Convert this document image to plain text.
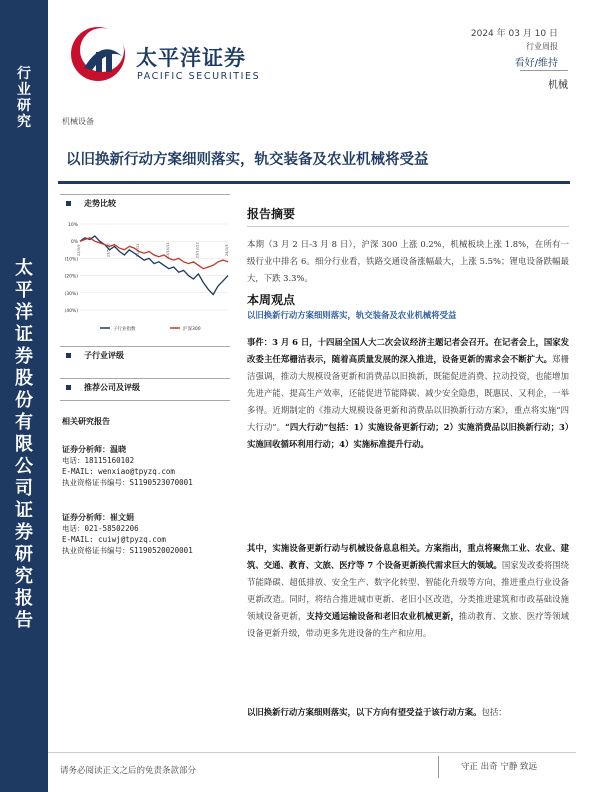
行
业
研
究
太
平
洋
证
券
股
份
有
限
公
司
证
券
研
究
报
告
太平洋证券
PACIFIC SECURITIES
2024 年 03 月 10 日
行业周报
看好/维持
机械
机械设备
以旧换新行动方案细则落实，轨交装备及农业机械将受益
走势比较
10%
0%
(10%)
(20%)
(30%)
(40%)
23/3/9	23/5/20	23/7/31	23/10/11	23/12/22	24/3/3
子行业指数	沪深300
子行业评级
推荐公司及评级
相关研究报告
证券分析师：温晓
电话：18115160102
E-MAIL: wenxiao@tpyzq.com
执业资格证书编号：S1190523070001
证券分析师：崔文娟
电话：021-58502206
E-MAIL: cuiwj@tpyzq.com
执业资格证书编号：S1190520020001
报告摘要
本期（3 月 2 日-3 月 8 日），沪深 300 上涨 0.2%，机械板块上涨 1.8%，在所有一级行业中排名 6。细分行业看，铁路交通设备涨幅最大，上涨 5.5%；锂电设备跌幅最大，下跌 3.3%。
本周观点
以旧换新行动方案细则落实，轨交装备及农业机械将受益
事件：3 月 6 日，十四届全国人大二次会议经济主题记者会召开。在记者会上，国家发改委主任郑栅洁表示，随着高质量发展的深入推进，设备更新的需求会不断扩大。郑栅洁强调，推动大规模设备更新和消费品以旧换新，既能促进消费、拉动投资，也能增加先进产能、提高生产效率，还能促进节能降碳、减少安全隐患，既惠民、又利企，一举多得。近期制定的《推动大规模设备更新和消费品以旧换新行动方案》，重点将实施“四大行动”。“四大行动”包括：1）实施设备更新行动；2）实施消费品以旧换新行动；3）实施回收循环利用行动；4）实施标准提升行动。
其中，实施设备更新行动与机械设备息息相关。方案指出，重点将聚焦工业、农业、建筑、交通、教育、文旅、医疗等 7 个设备更新换代需求巨大的领域。国家发改委将围绕节能降碳、超低排放、安全生产、数字化转型、智能化升级等方向，推进重点行业设备更新改造。同时，将结合推进城市更新、老旧小区改造，分类推进建筑和市政基础设施领域设备更新，支持交通运输设备和老旧农业机械更新，推动教育、文旅、医疗等领域设备更新升级，带动更多先进设备的生产和应用。
以旧换新行动方案细则落实，以下方向有望受益于该行动方案。包括：
请务必阅读正文之后的免责条款部分	守正 出奇 宁静 致远
